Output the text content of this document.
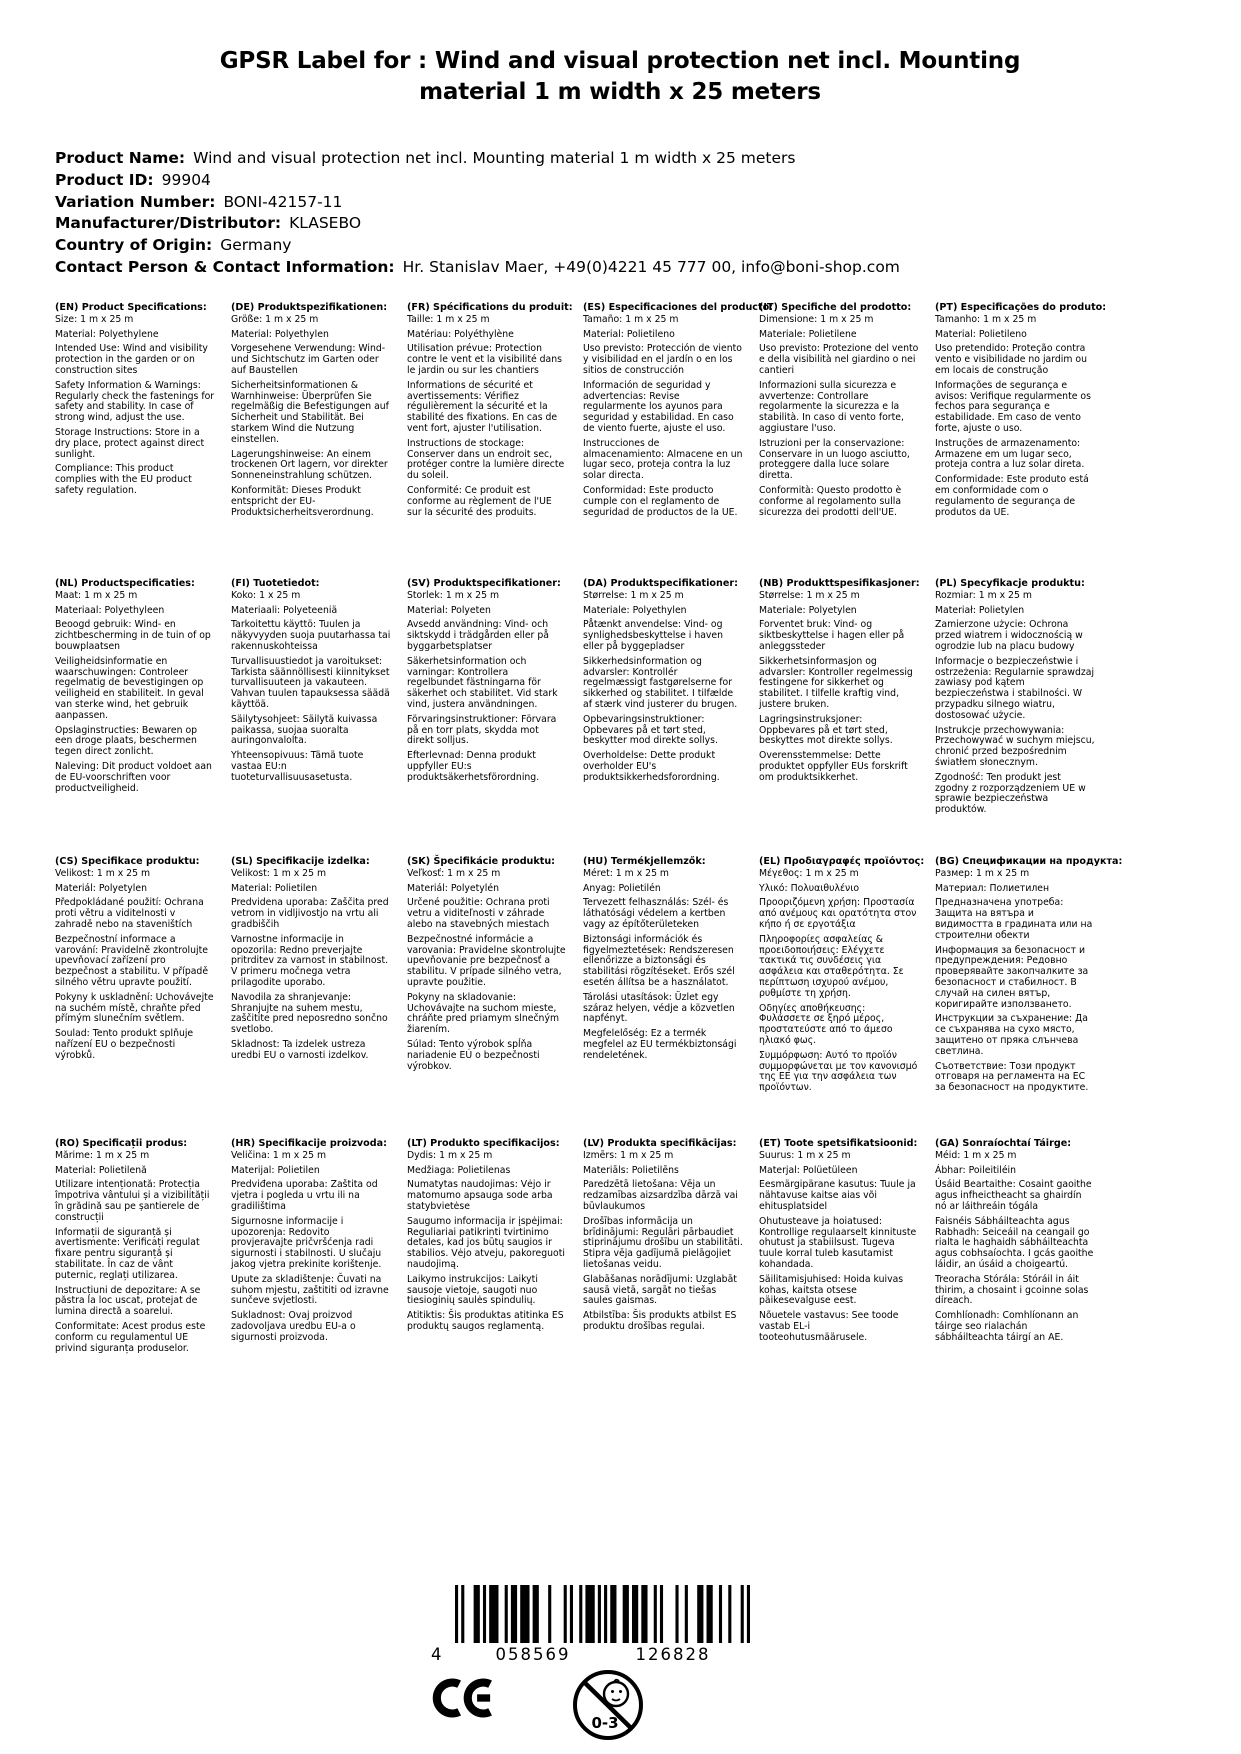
GPSR Label for : Wind and visual protection net incl. Mounting
material 1 m width x 25 meters
Product Name: Wind and visual protection net incl. Mounting material 1 m width x 25 meters
Product ID: 99904
Variation Number: BONI-42157-11
Manufacturer/Distributor: KLASEBO
Country of Origin: Germany
Contact Person & Contact Information: Hr. Stanislav Maer, +49(0)4221 45 777 00, info@boni-shop.com
(EN) Product Specifications:

Size: 1 m x 25 m

Material: Polyethylene

Intended Use: Wind and visibility protection in the garden or on construction sites

Safety Information & Warnings: Regularly check the fastenings for safety and stability. In case of strong wind, adjust the use.

Storage Instructions: Store in a dry place, protect against direct sunlight.

Compliance: This product complies with the EU product safety regulation.

(DE) Produktspezifikationen:

Größe: 1 m x 25 m

Material: Polyethylen

Vorgesehene Verwendung: Wind- und Sichtschutz im Garten oder auf Baustellen

Sicherheitsinformationen & Warnhinweise: Überprüfen Sie regelmäßig die Befestigungen auf Sicherheit und Stabilität. Bei starkem Wind die Nutzung einstellen.

Lagerungshinweise: An einem trockenen Ort lagern, vor direkter Sonneneinstrahlung schützen.

Konformität: Dieses Produkt entspricht der EU-Produktsicherheitsverordnung.

(FR) Spécifications du produit:

Taille: 1 m x 25 m

Matériau: Polyéthylène

Utilisation prévue: Protection contre le vent et la visibilité dans le jardin ou sur les chantiers

Informations de sécurité et avertissements: Vérifiez régulièrement la sécurité et la stabilité des fixations. En cas de vent fort, ajuster l'utilisation.

Instructions de stockage: Conserver dans un endroit sec, protéger contre la lumière directe du soleil.

Conformité: Ce produit est conforme au règlement de l'UE sur la sécurité des produits.

(ES) Especificaciones del producto:

Tamaño: 1 m x 25 m

Material: Polietileno

Uso previsto: Protección de viento y visibilidad en el jardín o en los sitios de construcción

Información de seguridad y advertencias: Revise regularmente los ayunos para seguridad y estabilidad. En caso de viento fuerte, ajuste el uso.

Instrucciones de almacenamiento: Almacene en un lugar seco, proteja contra la luz solar directa.

Conformidad: Este producto cumple con el reglamento de seguridad de productos de la UE.

(IT) Specifiche del prodotto:

Dimensione: 1 m x 25 m

Materiale: Polietilene

Uso previsto: Protezione del vento e della visibilità nel giardino o nei cantieri

Informazioni sulla sicurezza e avvertenze: Controllare regolarmente la sicurezza e la stabilità. In caso di vento forte, aggiustare l'uso.

Istruzioni per la conservazione: Conservare in un luogo asciutto, proteggere dalla luce solare diretta.

Conformità: Questo prodotto è conforme al regolamento sulla sicurezza dei prodotti dell'UE.

(PT) Especificações do produto:

Tamanho: 1 m x 25 m

Material: Polietileno

Uso pretendido: Proteção contra vento e visibilidade no jardim ou em locais de construção

Informações de segurança e avisos: Verifique regularmente os fechos para segurança e estabilidade. Em caso de vento forte, ajuste o uso.

Instruções de armazenamento: Armazene em um lugar seco, proteja contra a luz solar direta.

Conformidade: Este produto está em conformidade com o regulamento de segurança de produtos da UE.

(NL) Productspecificaties:

Maat: 1 m x 25 m

Materiaal: Polyethyleen

Beoogd gebruik: Wind- en zichtbescherming in de tuin of op bouwplaatsen

Veiligheidsinformatie en waarschuwingen: Controleer regelmatig de bevestigingen op veiligheid en stabiliteit. In geval van sterke wind, het gebruik aanpassen.

Opslaginstructies: Bewaren op een droge plaats, beschermen tegen direct zonlicht.

Naleving: Dit product voldoet aan de EU-voorschriften voor productveiligheid.

(FI) Tuotetiedot:

Koko: 1 x 25 m

Materiaali: Polyeteeniä

Tarkoitettu käyttö: Tuulen ja näkyvyyden suoja puutarhassa tai rakennuskohteissa

Turvallisuustiedot ja varoitukset: Tarkista säännöllisesti kiinnitykset turvallisuuteen ja vakauteen. Vahvan tuulen tapauksessa säädä käyttöä.

Säilytysohjeet: Säilytä kuivassa paikassa, suojaa suoralta auringonvalolta.

Yhteensopivuus: Tämä tuote vastaa EU:n tuoteturvallisuusasetusta.

(SV) Produktspecifikationer:

Storlek: 1 m x 25 m

Material: Polyeten

Avsedd användning: Vind- och siktskydd i trädgården eller på byggarbetsplatser

Säkerhetsinformation och varningar: Kontrollera regelbundet fästningarna för säkerhet och stabilitet. Vid stark vind, justera användningen.

Förvaringsinstruktioner: Förvara på en torr plats, skydda mot direkt solljus.

Efterlevnad: Denna produkt uppfyller EU:s produktsäkerhetsförordning.

(DA) Produktspecifikationer:

Størrelse: 1 m x 25 m

Materiale: Polyethylen

Påtænkt anvendelse: Vind- og synlighedsbeskyttelse i haven eller på byggepladser

Sikkerhedsinformation og advarsler: Kontrollér regelmæssigt fastgørelserne for sikkerhed og stabilitet. I tilfælde af stærk vind justerer du brugen.

Opbevaringsinstruktioner: Opbevares på et tørt sted, beskytter mod direkte sollys.

Overholdelse: Dette produkt overholder EU's produktsikkerhedsforordning.

(NB) Produkttspesifikasjoner:

Størrelse: 1 m x 25 m

Materiale: Polyetylen

Forventet bruk: Vind- og siktbeskyttelse i hagen eller på anleggssteder

Sikkerhetsinformasjon og advarsler: Kontroller regelmessig festingene for sikkerhet og stabilitet. I tilfelle kraftig vind, justere bruken.

Lagringsinstruksjoner: Oppbevares på et tørt sted, beskyttes mot direkte sollys.

Overensstemmelse: Dette produktet oppfyller EUs forskrift om produktsikkerhet.

(PL) Specyfikacje produktu:

Rozmiar: 1 m x 25 m

Materiał: Polietylen

Zamierzone użycie: Ochrona przed wiatrem i widocznością w ogrodzie lub na placu budowy

Informacje o bezpieczeństwie i ostrzeżenia: Regularnie sprawdzaj zawiasy pod kątem bezpieczeństwa i stabilności. W przypadku silnego wiatru, dostosować użycie.

Instrukcje przechowywania: Przechowywać w suchym miejscu, chronić przed bezpośrednim światłem słonecznym.

Zgodność: Ten produkt jest zgodny z rozporządzeniem UE w sprawie bezpieczeństwa produktów.

(CS) Specifikace produktu:

Velikost: 1 m x 25 m

Materiál: Polyetylen

Předpokládané použití: Ochrana proti větru a viditelnosti v zahradě nebo na staveništích

Bezpečnostní informace a varování: Pravidelně zkontrolujte upevňovací zařízení pro bezpečnost a stabilitu. V případě silného větru upravte použití.

Pokyny k uskladnění: Uchovávejte na suchém místě, chraňte před přímým slunečním světlem.

Soulad: Tento produkt splňuje nařízení EU o bezpečnosti výrobků.

(SL) Specifikacije izdelka:

Velikost: 1 m x 25 m

Material: Polietilen

Predvidena uporaba: Zaščita pred vetrom in vidljivostjo na vrtu ali gradbiščih

Varnostne informacije in opozorila: Redno preverjajte pritrditev za varnost in stabilnost. V primeru močnega vetra prilagodite uporabo.

Navodila za shranjevanje: Shranjujte na suhem mestu, zaščitite pred neposredno sončno svetlobo.

Skladnost: Ta izdelek ustreza uredbi EU o varnosti izdelkov.

(SK) Špecifikácie produktu:

Veľkosť: 1 m x 25 m

Materiál: Polyetylén

Určené použitie: Ochrana proti vetru a viditeľnosti v záhrade alebo na stavebných miestach

Bezpečnostné informácie a varovania: Pravidelne skontrolujte upevňovanie pre bezpečnosť a stabilitu. V prípade silného vetra, upravte použitie.

Pokyny na skladovanie: Uchovávajte na suchom mieste, chráňte pred priamym slnečným žiarením.

Súlad: Tento výrobok spĺňa nariadenie EÚ o bezpečnosti výrobkov.

(HU) Termékjellemzők:

Méret: 1 m x 25 m

Anyag: Polietilén

Tervezett felhasználás: Szél- és láthatósági védelem a kertben vagy az építőterületeken

Biztonsági információk és figyelmeztetések: Rendszeresen ellenőrizze a biztonsági és stabilitási rögzítéseket. Erős szél esetén állítsa be a használatot.

Tárolási utasítások: Üzlet egy száraz helyen, védje a közvetlen napfényt.

Megfelelőség: Ez a termék megfelel az EU termékbiztonsági rendeletének.

(EL) Προδιαγραφές προϊόντος:

Μέγεθος: 1 m x 25 m

Υλικό: Πολυαιθυλένιο

Προοριζόμενη χρήση: Προστασία από ανέμους και ορατότητα στον κήπο ή σε εργοτάξια

Πληροφορίες ασφαλείας & προειδοποιήσεις: Ελέγχετε τακτικά τις συνδέσεις για ασφάλεια και σταθερότητα. Σε περίπτωση ισχυρού ανέμου, ρυθμίστε τη χρήση.

Οδηγίες αποθήκευσης: Φυλάσσετε σε ξηρό μέρος, προστατεύστε από το άμεσο ηλιακό φως.

Συμμόρφωση: Αυτό το προϊόν συμμορφώνεται με τον κανονισμό της ΕΕ για την ασφάλεια των προϊόντων.

(BG) Спецификации на продукта:

Размер: 1 m x 25 m

Материал: Полиетилен

Предназначена употреба: Защита на вятъра и видимостта в градината или на строителни обекти

Информация за безопасност и предупреждения: Редовно проверявайте закопчалките за безопасност и стабилност. В случай на силен вятър, коригирайте използването.

Инструкции за съхранение: Да се съхранява на сухо място, защитено от пряка слънчева светлина.

Съответствие: Този продукт отговаря на регламента на ЕС за безопасност на продуктите.

(RO) Specificații produs:

Mărime: 1 m x 25 m

Material: Polietilenă

Utilizare intenționată: Protecția împotriva vântului și a vizibilității în grădină sau pe șantierele de construcții

Informații de siguranță și avertismente: Verificați regulat fixare pentru siguranță și stabilitate. În caz de vânt puternic, reglați utilizarea.

Instrucțiuni de depozitare: A se păstra la loc uscat, protejat de lumina directă a soarelui.

Conformitate: Acest produs este conform cu regulamentul UE privind siguranța produselor.

(HR) Specifikacije proizvoda:

Veličina: 1 m x 25 m

Materijal: Polietilen

Predviđena uporaba: Zaštita od vjetra i pogleda u vrtu ili na gradilištima

Sigurnosne informacije i upozorenja: Redovito provjeravajte pričvršćenja radi sigurnosti i stabilnosti. U slučaju jakog vjetra prekinite korištenje.

Upute za skladištenje: Čuvati na suhom mjestu, zaštititi od izravne sunčeve svjetlosti.

Sukladnost: Ovaj proizvod zadovoljava uredbu EU-a o sigurnosti proizvoda.

(LT) Produkto specifikacijos:

Dydis: 1 m x 25 m

Medžiaga: Polietilenas

Numatytas naudojimas: Vėjo ir matomumo apsauga sode arba statybvietėse

Saugumo informacija ir įspėjimai: Reguliariai patikrinti tvirtinimo detales, kad jos būtų saugios ir stabilios. Vėjo atveju, pakoreguoti naudojimą.

Laikymo instrukcijos: Laikyti sausoje vietoje, saugoti nuo tiesioginių saulės spindulių.

Atitiktis: Šis produktas atitinka ES produktų saugos reglamentą.

(LV) Produkta specifikācijas:

Izmērs: 1 m x 25 m

Materiāls: Polietilēns

Paredzētā lietošana: Vēja un redzamības aizsardzība dārzā vai būvlaukumos

Drošības informācija un brīdinājumi: Regulāri pārbaudiet stiprinājumu drošību un stabilitāti. Stipra vēja gadījumā pielāgojiet lietošanas veidu.

Glabāšanas norādījumi: Uzglabāt sausā vietā, sargāt no tiešas saules gaismas.

Atbilstība: Šis produkts atbilst ES produktu drošības regulai.

(ET) Toote spetsifikatsioonid:

Suurus: 1 m x 25 m

Materjal: Polüetüleen

Eesmärgipärane kasutus: Tuule ja nähtavuse kaitse aias või ehitusplatsidel

Ohutusteave ja hoiatused: Kontrollige regulaarselt kinnituste ohutust ja stabiilsust. Tugeva tuule korral tuleb kasutamist kohandada.

Säilitamisjuhised: Hoida kuivas kohas, kaitsta otsese päikesevalguse eest.

Nõuetele vastavus: See toode vastab EL-i tooteohutusmäärusele.

(GA) Sonraíochtaí Táirge:

Méid: 1 m x 25 m

Ábhar: Poileitiléin

Úsáid Beartaithe: Cosaint gaoithe agus infheictheacht sa ghairdín nó ar láithreáin tógála

Faisnéis Sábháilteachta agus Rabhadh: Seiceáil na ceangail go rialta le haghaidh sábháilteachta agus cobhsaíochta. I gcás gaoithe láidir, an úsáid a choigeartú.

Treoracha Stórála: Stóráil in áit thirim, a chosaint i gcoinne solas díreach.

Comhlíonadh: Comhlíonann an táirge seo rialachán sábháilteachta táirgí an AE.

4	058569	126828
0-3
